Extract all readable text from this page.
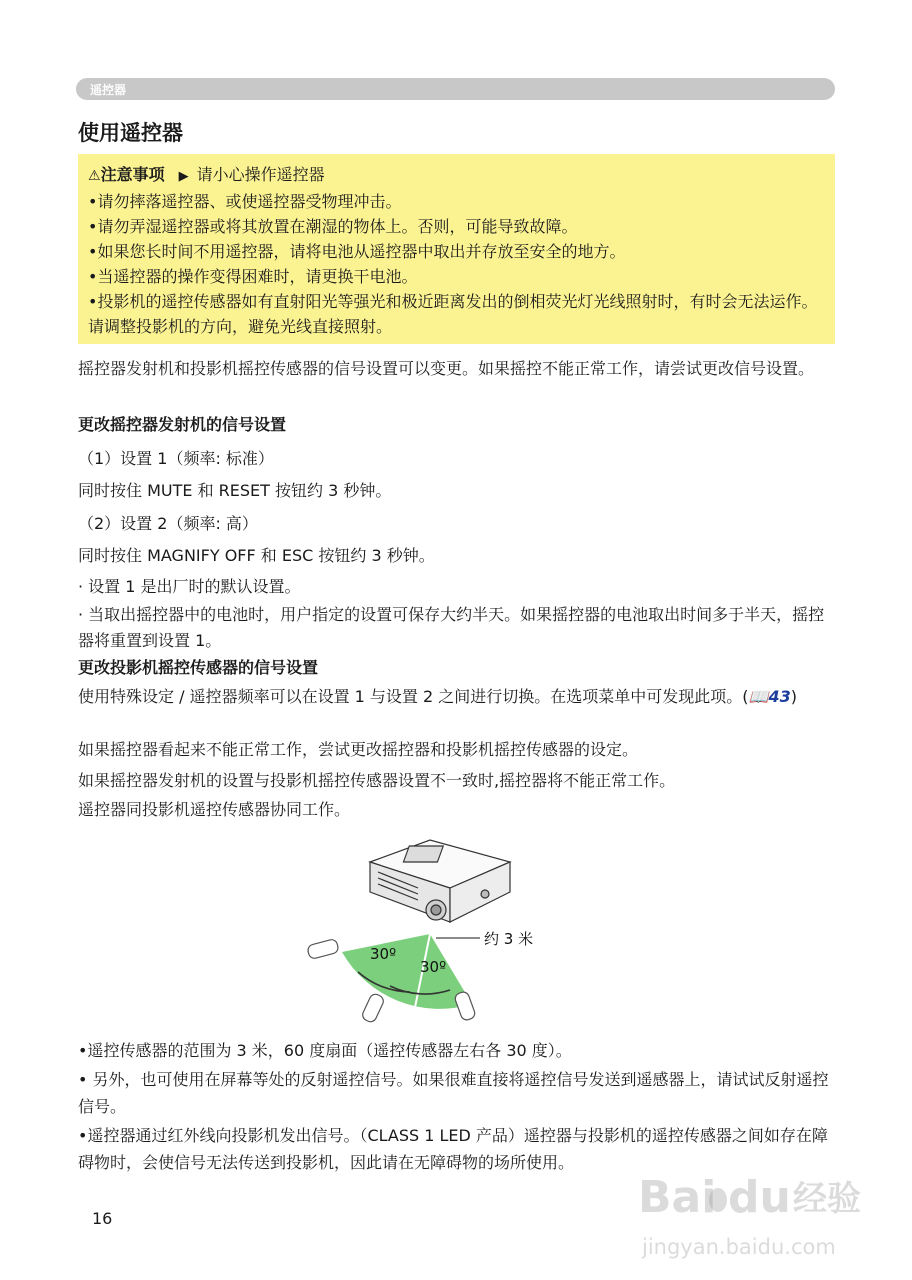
遥控器
使用遥控器
⚠注意事项 ▶ 请小心操作遥控器

•请勿摔落遥控器、或使遥控器受物理冲击。

•请勿弄湿遥控器或将其放置在潮湿的物体上。否则，可能导致故障。

•如果您长时间不用遥控器，请将电池从遥控器中取出并存放至安全的地方。

•当遥控器的操作变得困难时，请更换干电池。

•投影机的遥控传感器如有直射阳光等强光和极近距离发出的倒相荧光灯光线照射时，有时会无法运作。请调整投影机的方向，避免光线直接照射。

摇控器发射机和投影机摇控传感器的信号设置可以变更。如果摇控不能正常工作，请尝试更改信号设置。

更改摇控器发射机的信号设置

（1）设置 1（频率: 标准）

同时按住 MUTE 和 RESET 按钮约 3 秒钟。

（2）设置 2（频率: 高）

同时按住 MAGNIFY OFF 和 ESC 按钮约 3 秒钟。

· 设置 1 是出厂时的默认设置。

· 当取出摇控器中的电池时，用户指定的设置可保存大约半天。如果摇控器的电池取出时间多于半天，摇控器将重置到设置 1。

更改投影机摇控传感器的信号设置

使用特殊设定 / 遥控器频率可以在设置 1 与设置 2 之间进行切换。在选项菜单中可发现此项。(📖43)

如果摇控器看起来不能正常工作，尝试更改摇控器和投影机摇控传感器的设定。

如果摇控器发射机的设置与投影机摇控传感器设置不一致时,摇控器将不能正常工作。

遥控器同投影机遥控传感器协同工作。

30º
30º
约 3 米

•遥控传感器的范围为 3 米，60 度扇面（遥控传感器左右各 30 度）。

• 另外，也可使用在屏幕等处的反射遥控信号。如果很难直接将遥控信号发送到遥感器上，请试试反射遥控信号。

•遥控器通过红外线向投影机发出信号。（CLASS 1 LED 产品）遥控器与投影机的遥控传感器之间如存在障碍物时，会使信号无法传送到投影机，因此请在无障碍物的场所使用。

16	Bai du 经验
jingyan.baidu.com
